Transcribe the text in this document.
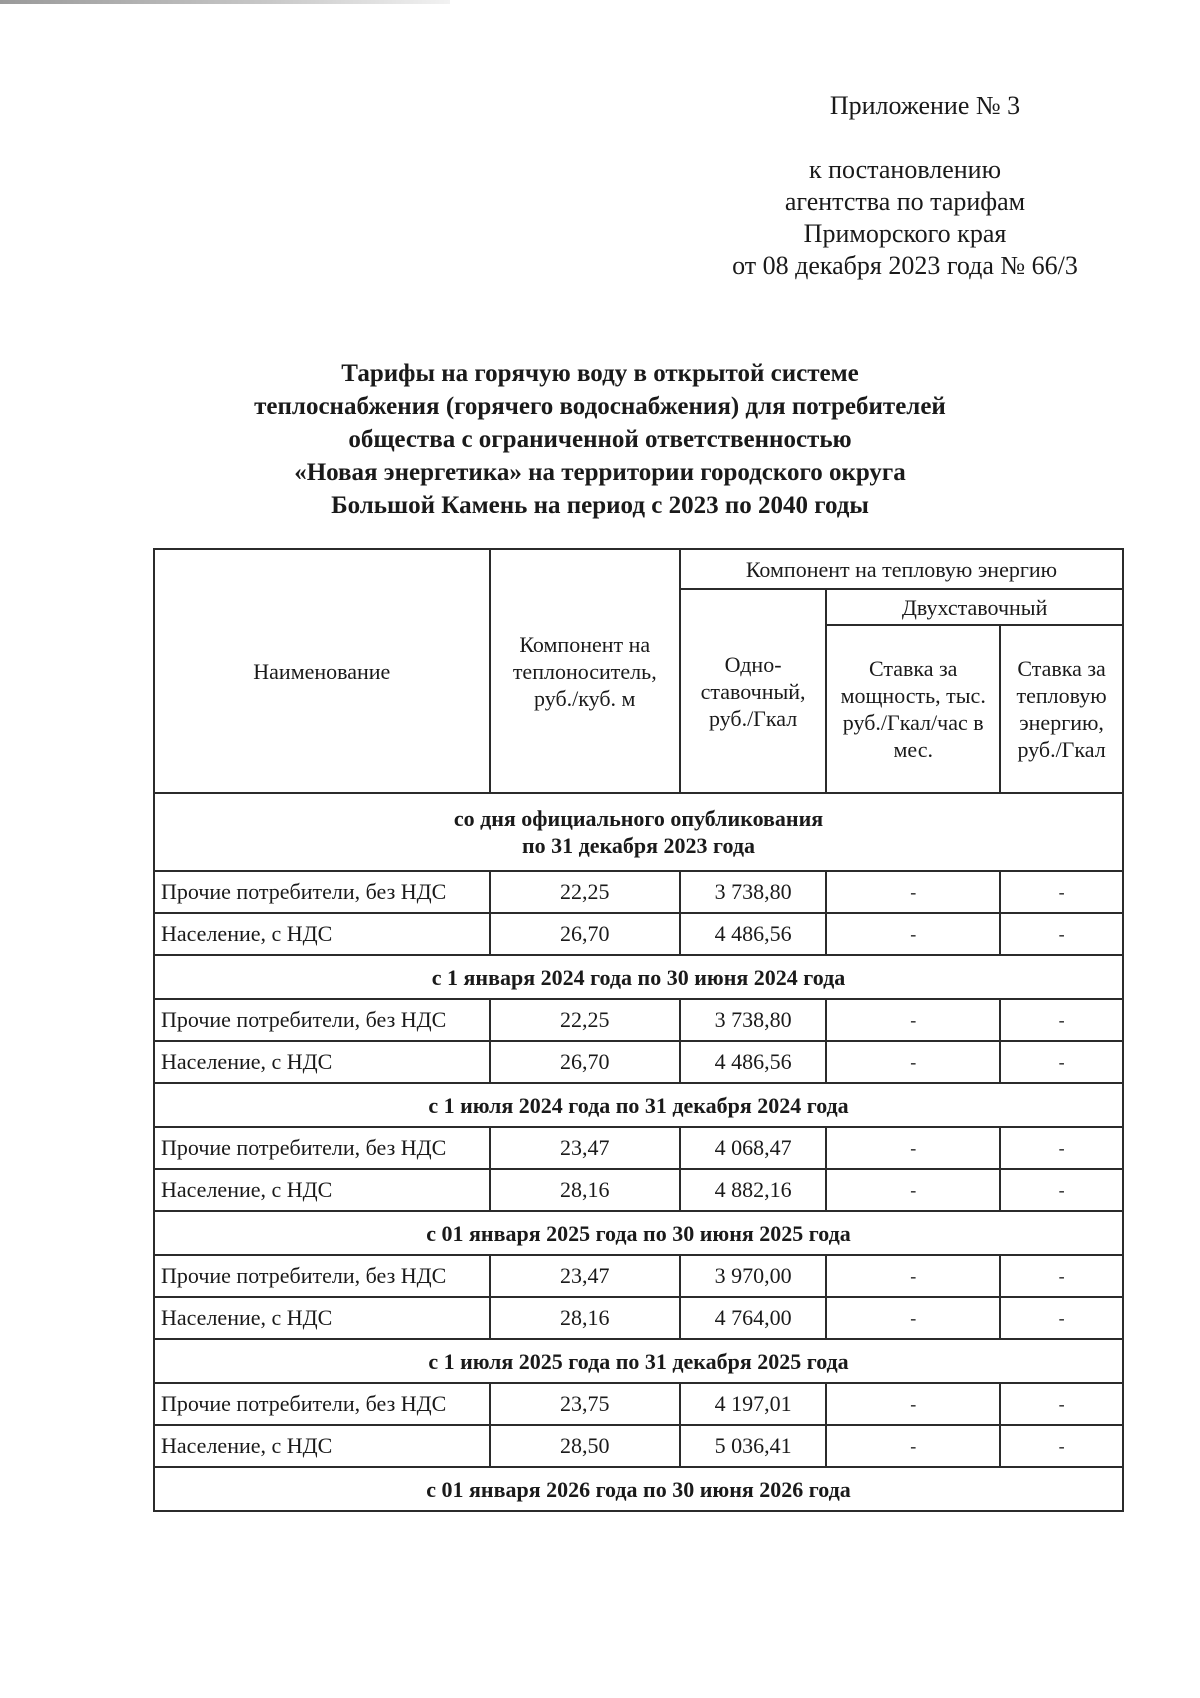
Приложение № 3
к постановлению
агентства по тарифам
Приморского края
от 08 декабря 2023 года № 66/3
Тарифы на горячую воду в открытой системе
теплоснабжения (горячего водоснабжения) для потребителей
общества с ограниченной ответственностью
«Новая энергетика» на территории городского округа
Большой Камень на период с 2023 по 2040 годы
Наименование	Компонент на теплоноситель, руб./куб. м	Компонент на тепловую энергию		
		Одно-ставочный, руб./Гкал	Двухставочный	
			Ставка за мощность, тыс. руб./Гкал/час в мес.	Ставка за тепловую энергию, руб./Гкал

со дня официального опубликования
по 31 декабря 2023 года				

Прочие потребители, без НДС	22,25	3 738,80	-	-
Население, с НДС	26,70	4 486,56	-	-
с 1 января 2024 года по 30 июня 2024 года				
Прочие потребители, без НДС	22,25	3 738,80	-	-
Население, с НДС	26,70	4 486,56	-	-
с 1 июля 2024 года по 31 декабря 2024 года				
Прочие потребители, без НДС	23,47	4 068,47	-	-
Население, с НДС	28,16	4 882,16	-	-
с 01 января 2025 года по 30 июня 2025 года				
Прочие потребители, без НДС	23,47	3 970,00	-	-
Население, с НДС	28,16	4 764,00	-	-
с 1 июля 2025 года по 31 декабря 2025 года				
Прочие потребители, без НДС	23,75	4 197,01	-	-
Население, с НДС	28,50	5 036,41	-	-
с 01 января 2026 года по 30 июня 2026 года				
